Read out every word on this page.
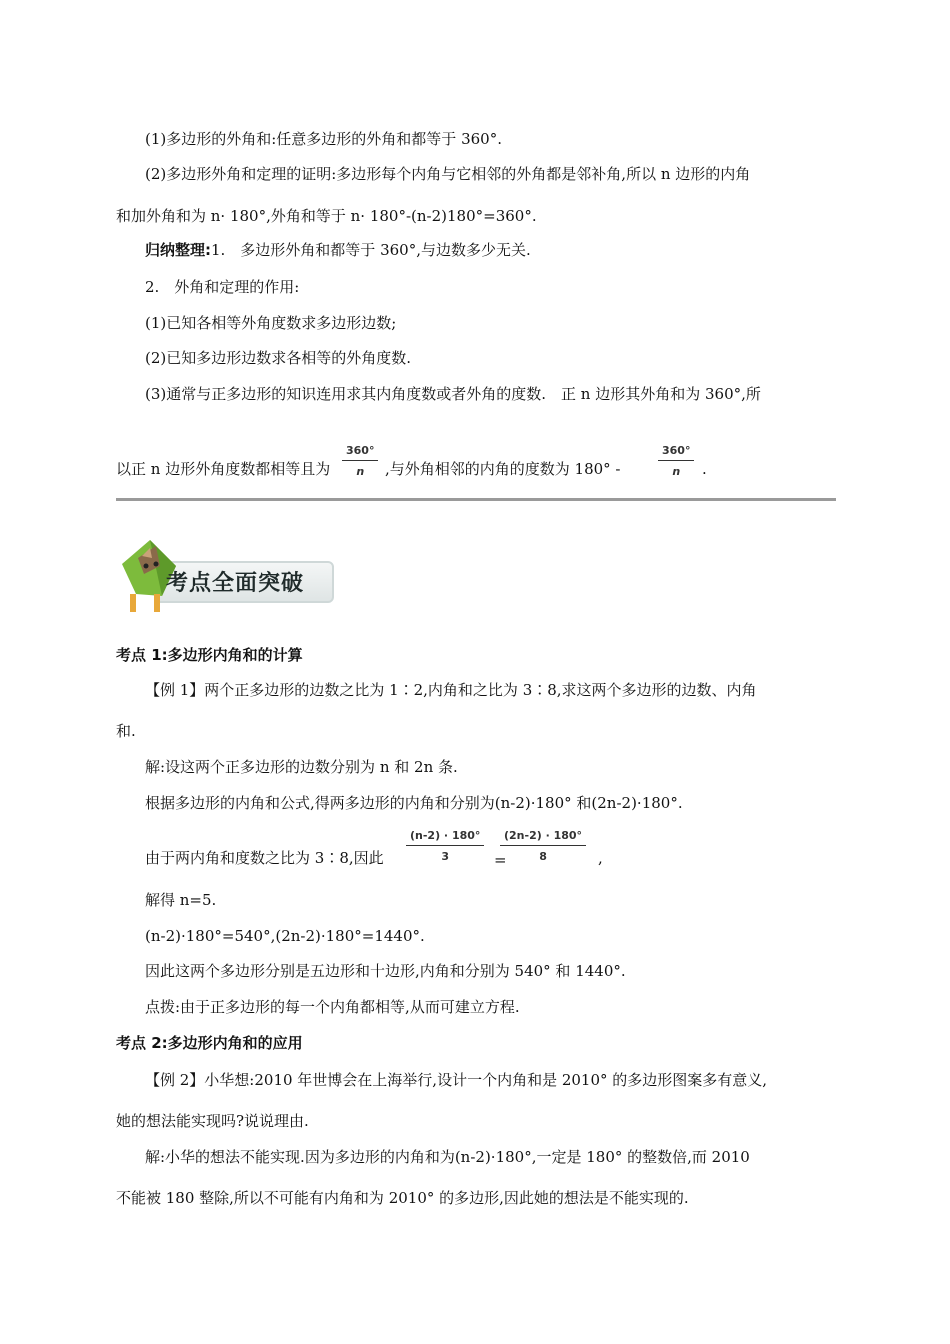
(1)多边形的外角和:任意多边形的外角和都等于 360°.
(2)多边形外角和定理的证明:多边形每个内角与它相邻的外角都是邻补角,所以 n 边形的内角
和加外角和为 n· 180°,外角和等于 n· 180°-(n-2)180°=360°.
归纳整理:1.　多边形外角和都等于 360°,与边数多少无关.
2.　外角和定理的作用:
(1)已知各相等外角度数求多边形边数;
(2)已知多边形边数求各相等的外角度数.
(3)通常与正多边形的知识连用求其内角度数或者外角的度数.　正 n 边形其外角和为 360°,所
以正 n 边形外角度数都相等且为 $\frac{360^\circ}{n}$ ,与外角相邻的内角的度数为 180° -	$\frac{360^\circ}{n}$ .
考点全面突破
考点 1:多边形内角和的计算
【例 1】两个正多边形的边数之比为 1∶2,内角和之比为 3∶8,求这两个多边形的边数、内角
和.
解:设这两个正多边形的边数分别为 n 和 2n 条.
根据多边形的内角和公式,得两多边形的内角和分别为(n-2)·180° 和(2n-2)·180°.
由于两内角和度数之比为 3∶8,因此 $\frac{(n-2) \cdot 180^\circ}{3}$ =
$\frac{(2n-2) \cdot 180^\circ}{8}$ ,
解得 n=5.
(n-2)·180°=540°,(2n-2)·180°=1440°.
因此这两个多边形分别是五边形和十边形,内角和分别为 540° 和 1440°.
点拨:由于正多边形的每一个内角都相等,从而可建立方程.
考点 2:多边形内角和的应用
【例 2】小华想:2010 年世博会在上海举行,设计一个内角和是 2010° 的多边形图案多有意义,
她的想法能实现吗?说说理由.
解:小华的想法不能实现.因为多边形的内角和为(n-2)·180°,一定是 180° 的整数倍,而 2010
不能被 180 整除,所以不可能有内角和为 2010° 的多边形,因此她的想法是不能实现的.
